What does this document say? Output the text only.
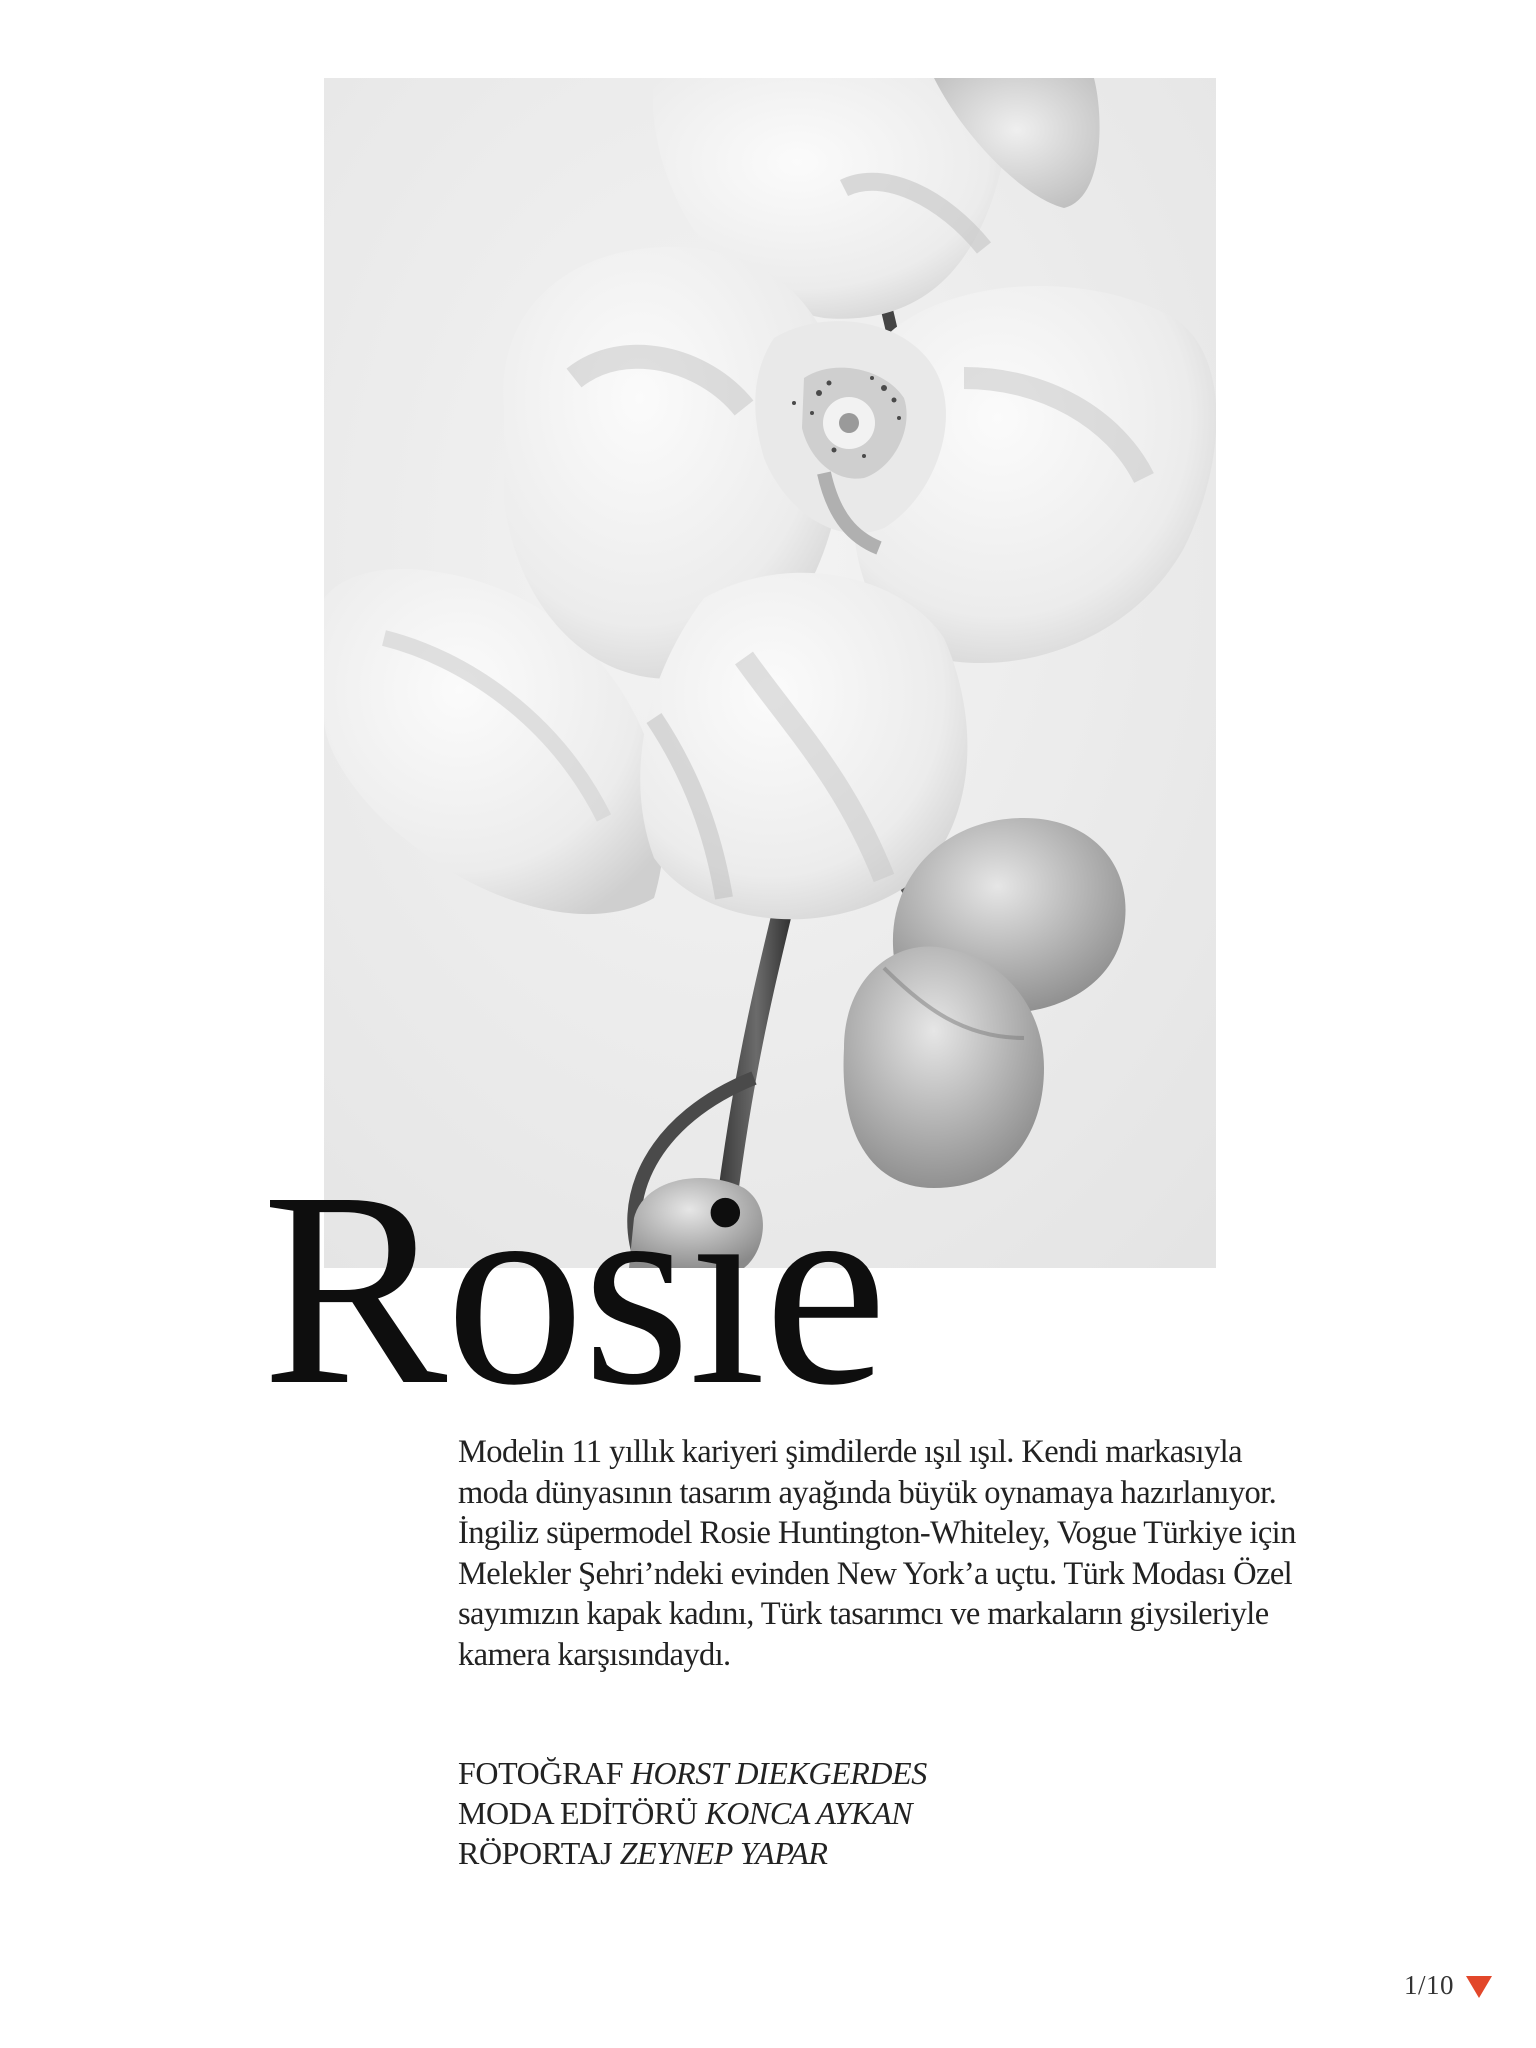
Rosie

Modelin 11 yıllık kariyeri şimdilerde ışıl ışıl. Kendi markasıyla moda dünyasının tasarım ayağında büyük oynamaya hazırlanıyor. İngiliz süpermodel Rosie Huntington-Whiteley, Vogue Türkiye için Melekler Şehri’ndeki evinden New York’a uçtu. Türk Modası Özel sayımızın kapak kadını, Türk tasarımcı ve markaların giysileriyle kamera karşısındaydı.

FOTOĞRAF HORST DIEKGERDES
MODA EDİTÖRÜ KONCA AYKAN
RÖPORTAJ ZEYNEP YAPAR
1/10
